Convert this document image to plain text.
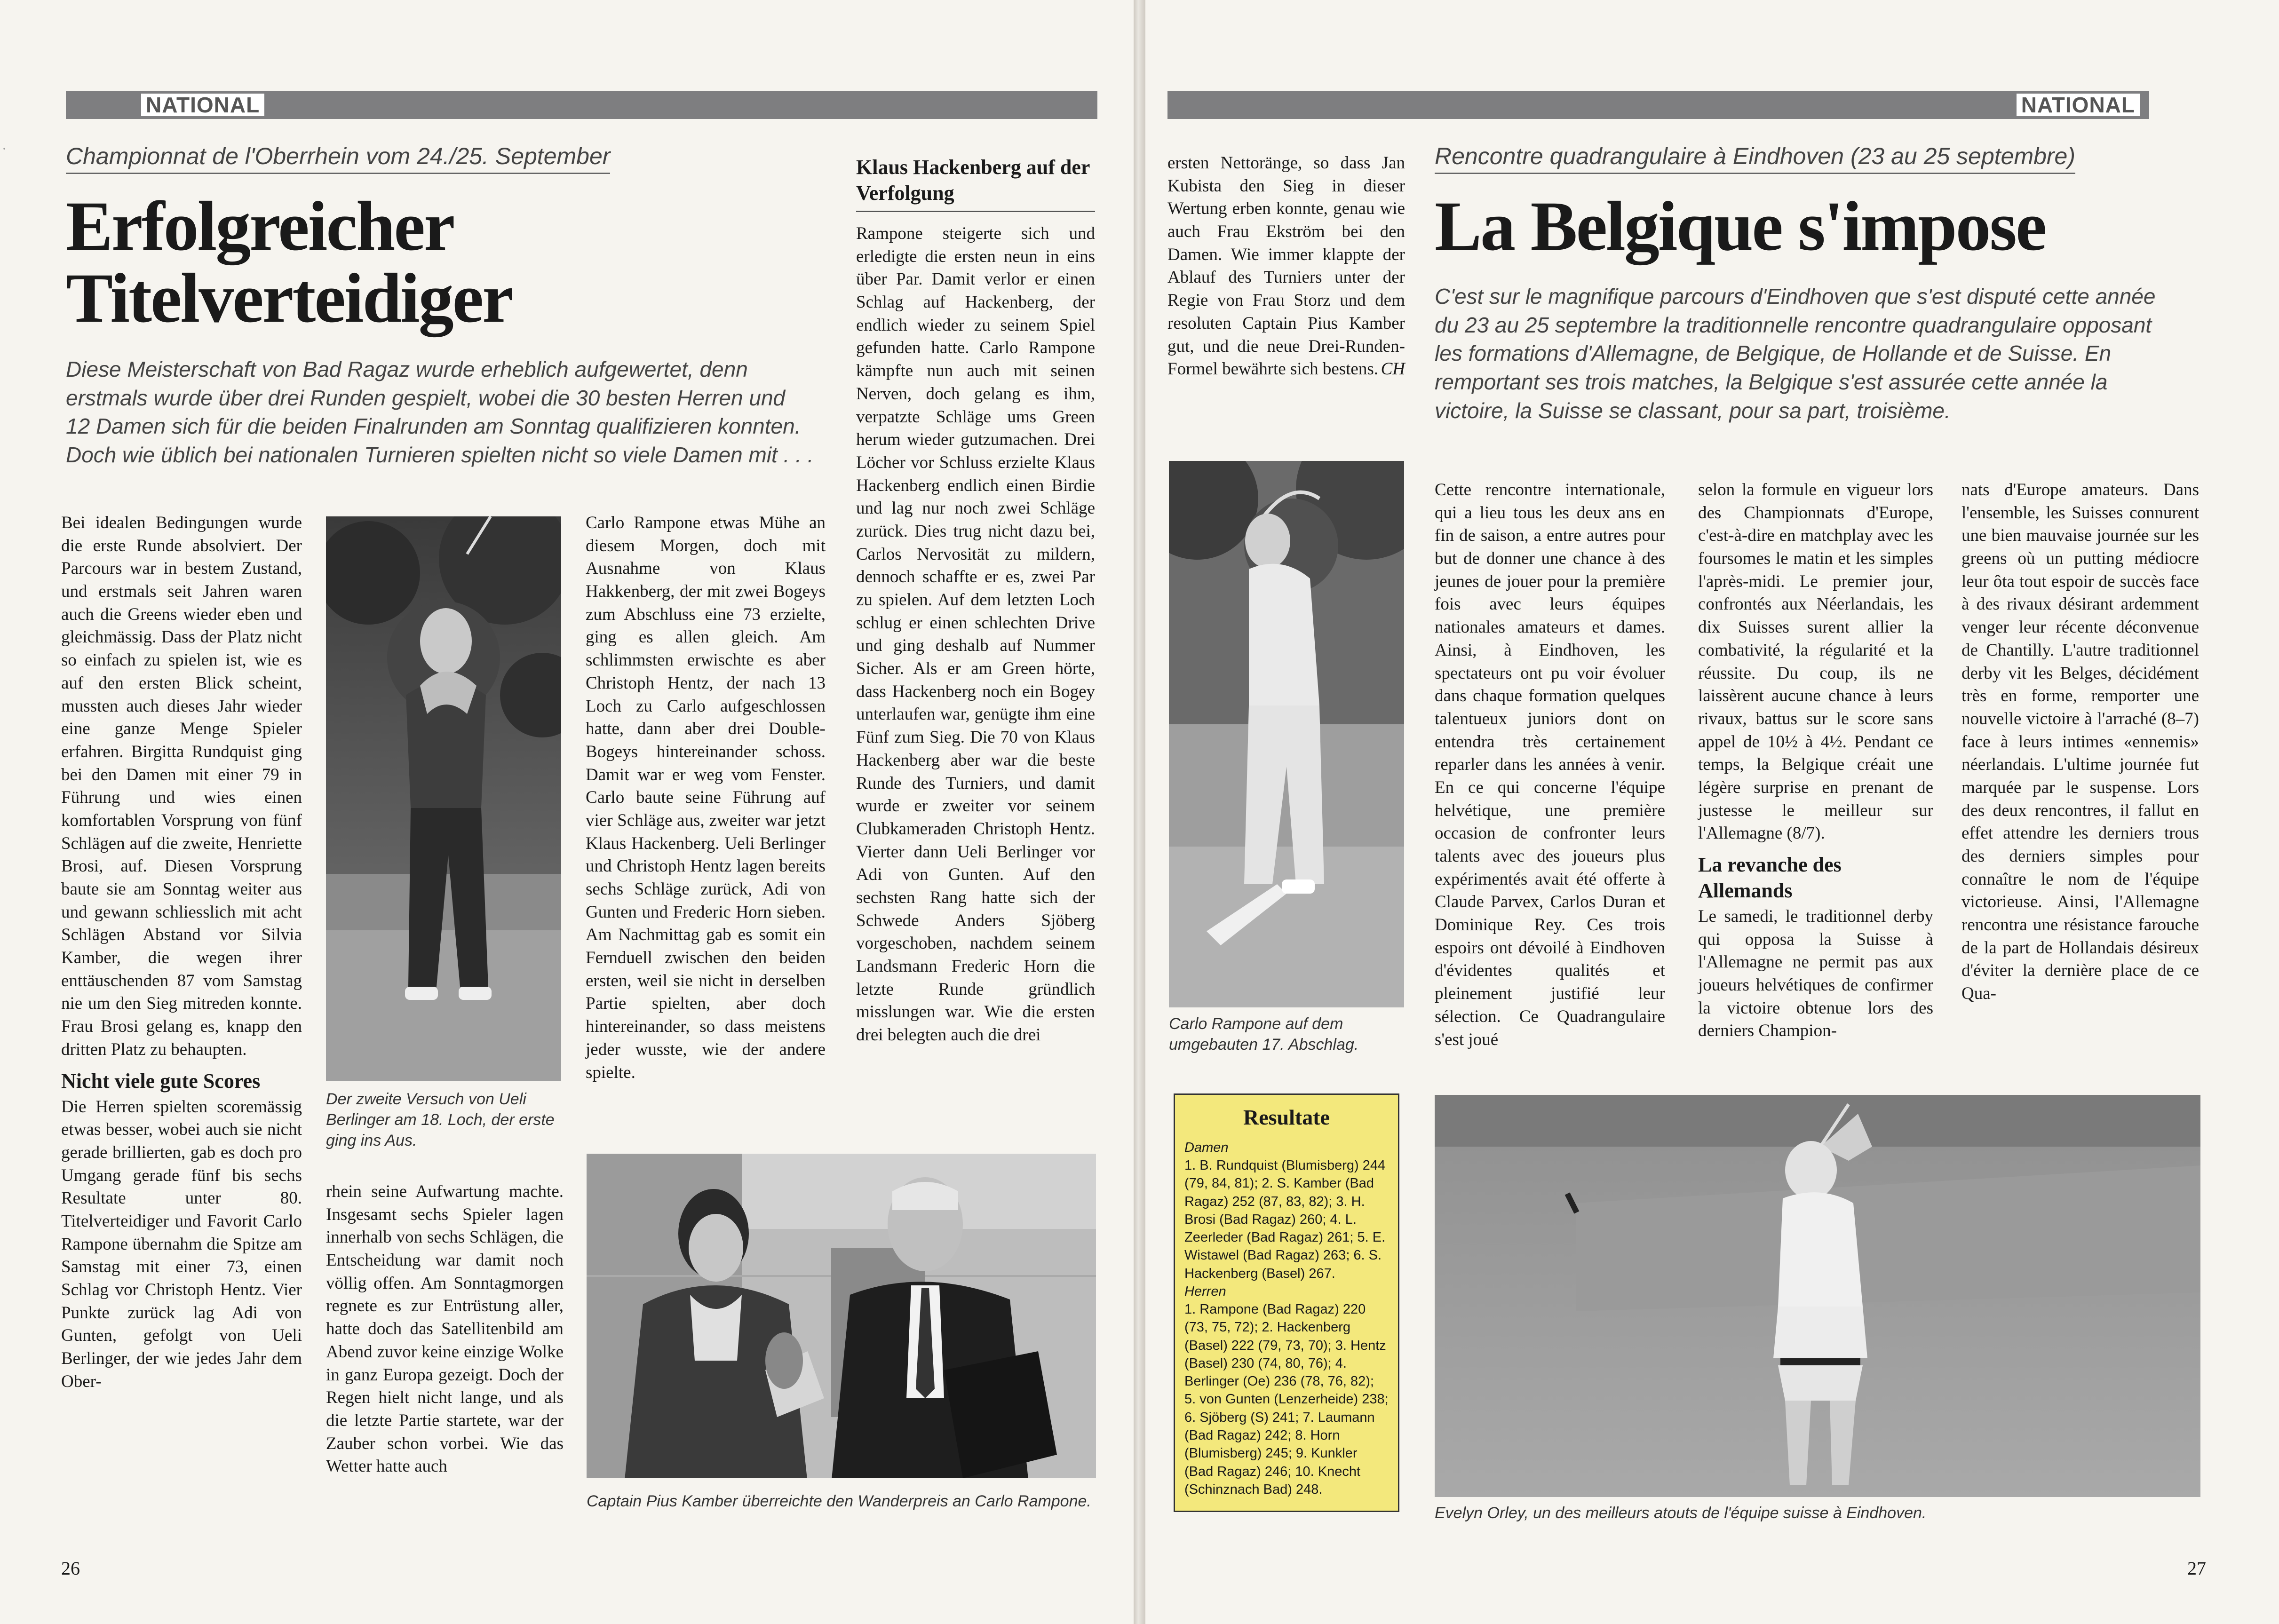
·
NATIONAL
Championnat de l'Oberrhein vom 24./25. September
Erfolgreicher
Titelverteidiger
Diese Meisterschaft von Bad Ragaz wurde erheblich aufgewertet, denn erstmals wurde über drei Runden gespielt, wobei die 30 besten Herren und 12 Damen sich für die beiden Finalrunden am Sonntag qualifizieren konnten. Doch wie üblich bei nationalen Turnieren spielten nicht so viele Damen mit . . .

Bei idealen Bedingungen wurde die erste Runde absolviert. Der Parcours war in bestem Zustand, und erstmals seit Jahren waren auch die Greens wieder eben und gleichmässig. Dass der Platz nicht so einfach zu spielen ist, wie es auf den ersten Blick scheint, mussten auch dieses Jahr wieder eine ganze Menge Spieler erfahren. Birgitta Rundquist ging bei den Damen mit einer 79 in Führung und wies einen komfortablen Vorsprung von fünf Schlägen auf die zweite, Henriette Brosi, auf. Diesen Vorsprung baute sie am Sonntag weiter aus und gewann schliesslich mit acht Schlägen Abstand vor Silvia Kamber, die wegen ihrer enttäuschenden 87 vom Samstag nie um den Sieg mitreden konnte. Frau Brosi gelang es, knapp den dritten Platz zu behaupten.

Nicht viele gute Scores

Die Herren spielten scoremässig etwas besser, wobei auch sie nicht gerade brillierten, gab es doch pro Umgang gerade fünf bis sechs Resultate unter 80. Titelverteidiger und Favorit Carlo Rampone übernahm die Spitze am Samstag mit einer 73, einen Schlag vor Christoph Hentz. Vier Punkte zurück lag Adi von Gunten, gefolgt von Ueli Berlinger, der wie jedes Jahr dem Ober-

Der zweite Versuch von Ueli Berlinger am 18. Loch, der erste ging ins Aus.

rhein seine Aufwartung machte. Insgesamt sechs Spieler lagen innerhalb von sechs Schlägen, die Entscheidung war damit noch völlig offen. Am Sonntagmorgen regnete es zur Entrüstung aller, hatte doch das Satellitenbild am Abend zuvor keine einzige Wolke in ganz Europa gezeigt. Doch der Regen hielt nicht lange, und als die letzte Partie startete, war der Zauber schon vorbei. Wie das Wetter hatte auch

Carlo Rampone etwas Mühe an diesem Morgen, doch mit Ausnahme von Klaus Hakkenberg, der mit zwei Bogeys zum Abschluss eine 73 erzielte, ging es allen gleich. Am schlimmsten erwischte es aber Christoph Hentz, der nach 13 Loch zu Carlo aufgeschlossen hatte, dann aber drei Double-Bogeys hintereinander schoss. Damit war er weg vom Fenster. Carlo baute seine Führung auf vier Schläge aus, zweiter war jetzt Klaus Hackenberg. Ueli Berlinger und Christoph Hentz lagen bereits sechs Schläge zurück, Adi von Gunten und Frederic Horn sieben. Am Nachmittag gab es somit ein Fernduell zwischen den beiden ersten, weil sie nicht in derselben Partie spielten, aber doch hintereinander, so dass meistens jeder wusste, wie der andere spielte.

Klaus Hackenberg auf der Verfolgung

Rampone steigerte sich und erledigte die ersten neun in eins über Par. Damit verlor er einen Schlag auf Hackenberg, der endlich wieder zu seinem Spiel gefunden hatte. Carlo Rampone kämpfte nun auch mit seinen Nerven, doch gelang es ihm, verpatzte Schläge ums Green herum wieder gutzumachen. Drei Löcher vor Schluss erzielte Klaus Hackenberg endlich einen Birdie und lag nur noch zwei Schläge zurück. Dies trug nicht dazu bei, Carlos Nervosität zu mildern, dennoch schaffte er es, zwei Par zu spielen. Auf dem letzten Loch schlug er einen schlechten Drive und ging deshalb auf Nummer Sicher. Als er am Green hörte, dass Hackenberg noch ein Bogey unterlaufen war, genügte ihm eine Fünf zum Sieg. Die 70 von Klaus Hackenberg aber war die beste Runde des Turniers, und damit wurde er zweiter vor seinem Clubkameraden Christoph Hentz. Vierter dann Ueli Berlinger vor Adi von Gunten. Auf den sechsten Rang hatte sich der Schwede Anders Sjöberg vorgeschoben, nachdem seinem Landsmann Frederic Horn die letzte Runde gründlich misslungen war. Wie die ersten drei belegten auch die drei

Captain Pius Kamber überreichte den Wanderpreis an Carlo Rampone.
26
NATIONAL

ersten Nettoränge, so dass Jan Kubista den Sieg in dieser Wertung erben konnte, genau wie auch Frau Ekström bei den Damen. Wie immer klappte der Ablauf des Turniers unter der Regie von Frau Storz und dem resoluten Captain Pius Kamber gut, und die neue Drei-Runden-Formel bewährte sich bestens. CH

Carlo Rampone auf dem umgebauten 17. Abschlag.
Resultate
Damen
1. B. Rundquist (Blumisberg) 244 (79, 84, 81); 2. S. Kamber (Bad Ragaz) 252 (87, 83, 82); 3. H. Brosi (Bad Ragaz) 260; 4. L. Zeerleder (Bad Ragaz) 261; 5. E. Wistawel (Bad Ragaz) 263; 6. S. Hackenberg (Basel) 267.
Herren
1. Rampone (Bad Ragaz) 220 (73, 75, 72); 2. Hackenberg (Basel) 222 (79, 73, 70); 3. Hentz (Basel) 230 (74, 80, 76); 4. Berlinger (Oe) 236 (78, 76, 82); 5. von Gunten (Lenzerheide) 238; 6. Sjöberg (S) 241; 7. Laumann (Bad Ragaz) 242; 8. Horn (Blumisberg) 245; 9. Kunkler (Bad Ragaz) 246; 10. Knecht (Schinznach Bad) 248.
Rencontre quadrangulaire à Eindhoven (23 au 25 septembre)
La Belgique s'impose
C'est sur le magnifique parcours d'Eindhoven que s'est disputé cette année du 23 au 25 septembre la traditionnelle rencontre quadrangulaire opposant les formations d'Allemagne, de Belgique, de Hollande et de Suisse. En remportant ses trois matches, la Belgique s'est assurée cette année la victoire, la Suisse se classant, pour sa part, troisième.

Cette rencontre internationale, qui a lieu tous les deux ans en fin de saison, a entre autres pour but de donner une chance à des jeunes de jouer pour la première fois avec leurs équipes nationales amateurs et dames. Ainsi, à Eindhoven, les spectateurs ont pu voir évoluer dans chaque formation quelques talentueux juniors dont on entendra très certainement reparler dans les années à venir. En ce qui concerne l'équipe helvétique, une première occasion de confronter leurs talents avec des joueurs plus expérimentés avait été offerte à Claude Parvex, Carlos Duran et Dominique Rey. Ces trois espoirs ont dévoilé à Eindhoven d'évidentes qualités et pleinement justifié leur sélection. Ce Quadrangulaire s'est joué

selon la formule en vigueur lors des Championnats d'Europe, c'est-à-dire en matchplay avec les foursomes le matin et les simples l'après-midi. Le premier jour, confrontés aux Néerlandais, les dix Suisses surent allier la combativité, la régularité et la réussite. Du coup, ils ne laissèrent aucune chance à leurs rivaux, battus sur le score sans appel de 10½ à 4½. Pendant ce temps, la Belgique créait une légère surprise en prenant de justesse le meilleur sur l'Allemagne (8/7).

La revanche des Allemands

Le samedi, le traditionnel derby qui opposa la Suisse à l'Allemagne ne permit pas aux joueurs helvétiques de confirmer la victoire obtenue lors des derniers Champion-

nats d'Europe amateurs. Dans l'ensemble, les Suisses connurent une bien mauvaise journée sur les greens où un putting médiocre leur ôta tout espoir de succès face à des rivaux désirant ardemment venger leur récente déconvenue de Chantilly. L'autre traditionnel derby vit les Belges, décidément très en forme, remporter une nouvelle victoire à l'arraché (8–7) face à leurs intimes «ennemis» néerlandais. L'ultime journée fut marquée par le suspense. Lors des deux rencontres, il fallut en effet attendre les derniers trous des derniers simples pour connaître le nom de l'équipe victorieuse. Ainsi, l'Allemagne rencontra une résistance farouche de la part de Hollandais désireux d'éviter la dernière place de ce Qua-

Evelyn Orley, un des meilleurs atouts de l'équipe suisse à Eindhoven.
27
